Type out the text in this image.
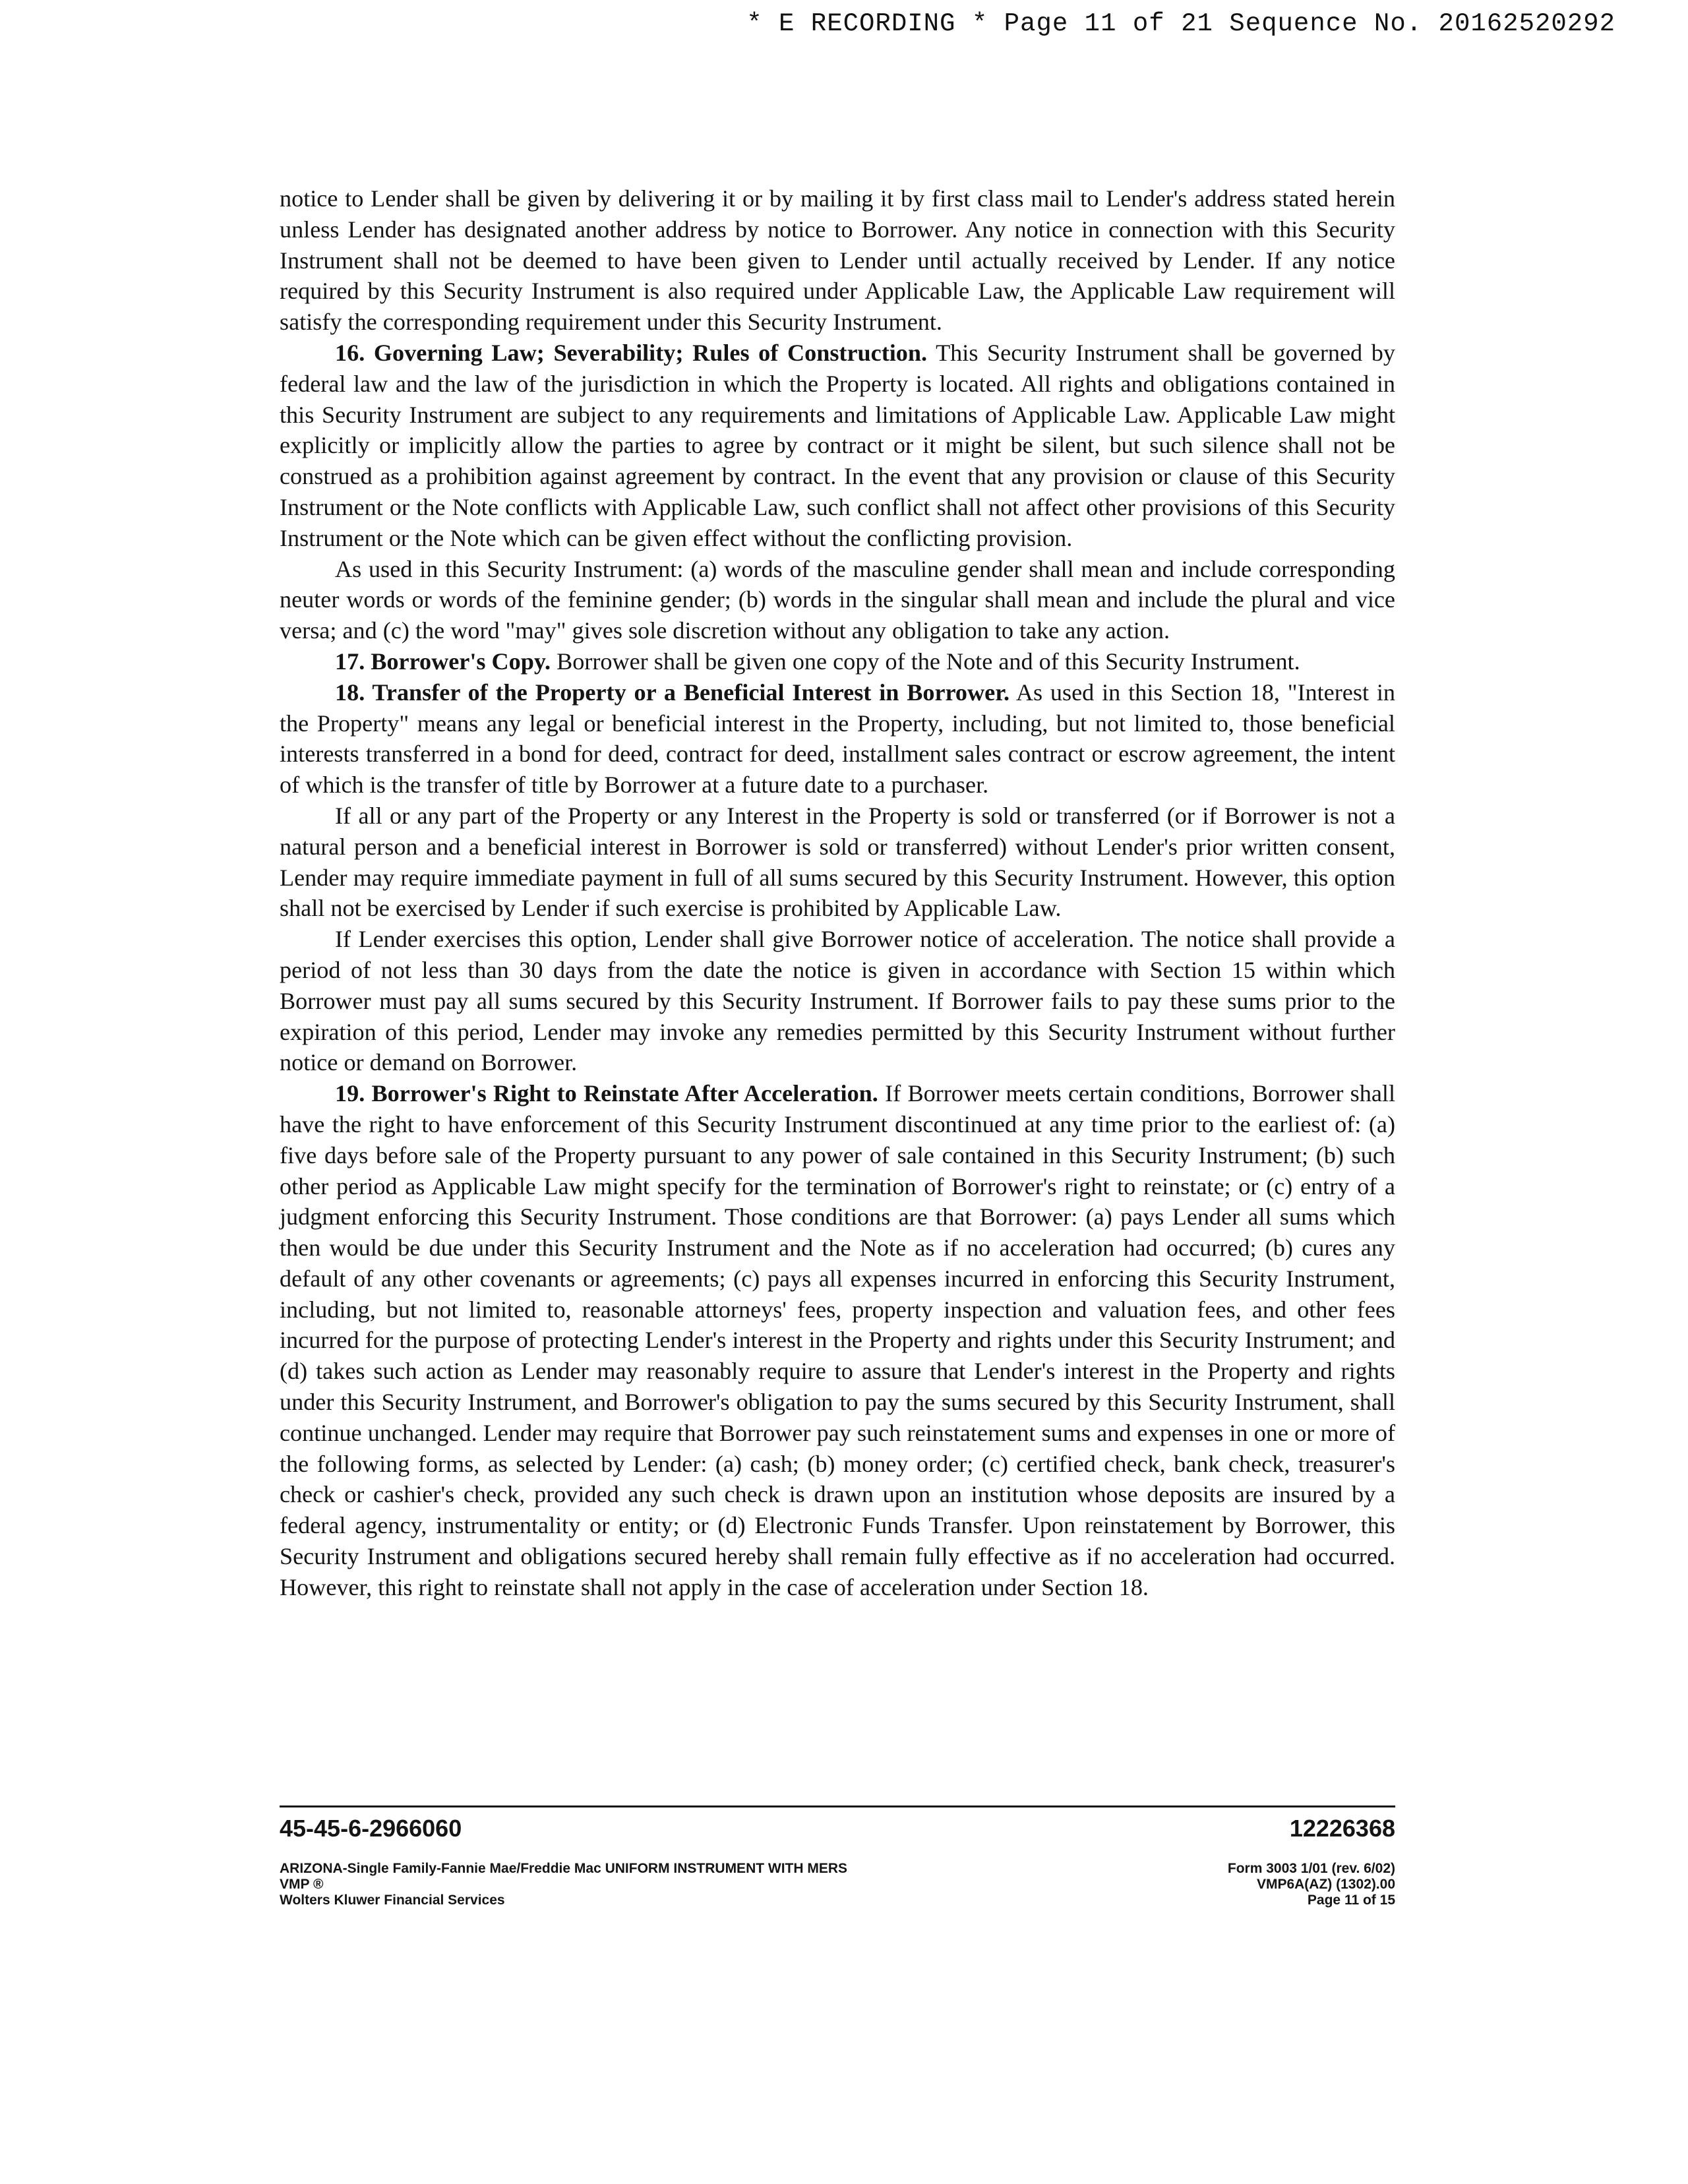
* E RECORDING * Page 11 of 21 Sequence No. 20162520292

notice to Lender shall be given by delivering it or by mailing it by first class mail to Lender's address stated herein unless Lender has designated another address by notice to Borrower. Any notice in connection with this Security Instrument shall not be deemed to have been given to Lender until actually received by Lender. If any notice required by this Security Instrument is also required under Applicable Law, the Applicable Law requirement will satisfy the corresponding requirement under this Security Instrument.

16. Governing Law; Severability; Rules of Construction. This Security Instrument shall be governed by federal law and the law of the jurisdiction in which the Property is located. All rights and obligations contained in this Security Instrument are subject to any requirements and limitations of Applicable Law. Applicable Law might explicitly or implicitly allow the parties to agree by contract or it might be silent, but such silence shall not be construed as a prohibition against agreement by contract. In the event that any provision or clause of this Security Instrument or the Note conflicts with Applicable Law, such conflict shall not affect other provisions of this Security Instrument or the Note which can be given effect without the conflicting provision.

As used in this Security Instrument: (a) words of the masculine gender shall mean and include corresponding neuter words or words of the feminine gender; (b) words in the singular shall mean and include the plural and vice versa; and (c) the word "may" gives sole discretion without any obligation to take any action.

17. Borrower's Copy. Borrower shall be given one copy of the Note and of this Security Instrument.

18. Transfer of the Property or a Beneficial Interest in Borrower. As used in this Section 18, "Interest in the Property" means any legal or beneficial interest in the Property, including, but not limited to, those beneficial interests transferred in a bond for deed, contract for deed, installment sales contract or escrow agreement, the intent of which is the transfer of title by Borrower at a future date to a purchaser.

If all or any part of the Property or any Interest in the Property is sold or transferred (or if Borrower is not a natural person and a beneficial interest in Borrower is sold or transferred) without Lender's prior written consent, Lender may require immediate payment in full of all sums secured by this Security Instrument. However, this option shall not be exercised by Lender if such exercise is prohibited by Applicable Law.

If Lender exercises this option, Lender shall give Borrower notice of acceleration. The notice shall provide a period of not less than 30 days from the date the notice is given in accordance with Section 15 within which Borrower must pay all sums secured by this Security Instrument. If Borrower fails to pay these sums prior to the expiration of this period, Lender may invoke any remedies permitted by this Security Instrument without further notice or demand on Borrower.

19. Borrower's Right to Reinstate After Acceleration. If Borrower meets certain conditions, Borrower shall have the right to have enforcement of this Security Instrument discontinued at any time prior to the earliest of: (a) five days before sale of the Property pursuant to any power of sale contained in this Security Instrument; (b) such other period as Applicable Law might specify for the termination of Borrower's right to reinstate; or (c) entry of a judgment enforcing this Security Instrument. Those conditions are that Borrower: (a) pays Lender all sums which then would be due under this Security Instrument and the Note as if no acceleration had occurred; (b) cures any default of any other covenants or agreements; (c) pays all expenses incurred in enforcing this Security Instrument, including, but not limited to, reasonable attorneys' fees, property inspection and valuation fees, and other fees incurred for the purpose of protecting Lender's interest in the Property and rights under this Security Instrument; and (d) takes such action as Lender may reasonably require to assure that Lender's interest in the Property and rights under this Security Instrument, and Borrower's obligation to pay the sums secured by this Security Instrument, shall continue unchanged. Lender may require that Borrower pay such reinstatement sums and expenses in one or more of the following forms, as selected by Lender: (a) cash; (b) money order; (c) certified check, bank check, treasurer's check or cashier's check, provided any such check is drawn upon an institution whose deposits are insured by a federal agency, instrumentality or entity; or (d) Electronic Funds Transfer. Upon reinstatement by Borrower, this Security Instrument and obligations secured hereby shall remain fully effective as if no acceleration had occurred. However, this right to reinstate shall not apply in the case of acceleration under Section 18.

45-45-6-2966060	12226368
ARIZONA-Single Family-Fannie Mae/Freddie Mac UNIFORM INSTRUMENT WITH MERS
VMP ®
Wolters Kluwer Financial Services
Form 3003 1/01 (rev. 6/02)
VMP6A(AZ) (1302).00
Page 11 of 15
